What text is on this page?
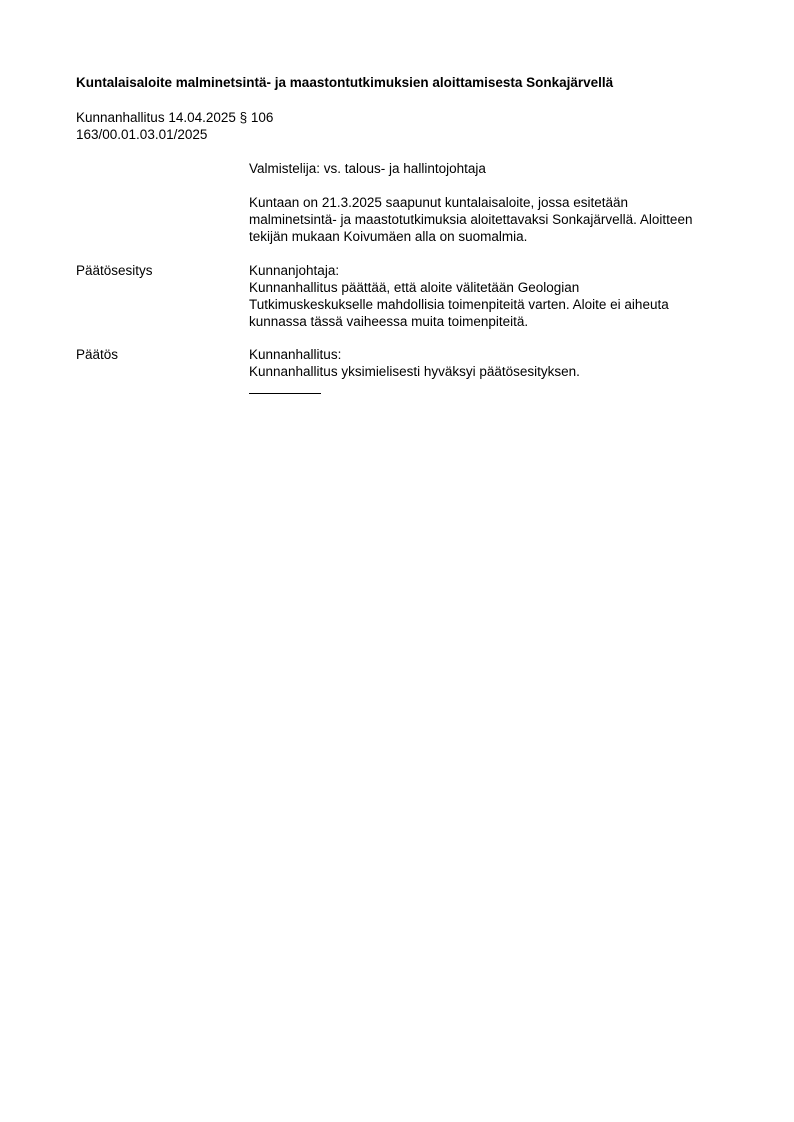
Kuntalaisaloite malminetsintä- ja maastontutkimuksien aloittamisesta Sonkajärvellä
Kunnanhallitus 14.04.2025 § 106
163/00.01.03.01/2025

Valmistelija: vs. talous- ja hallintojohtaja

Kuntaan on 21.3.2025 saapunut kuntalaisaloite, jossa esitetään

malminetsintä- ja maastotutkimuksia aloitettavaksi Sonkajärvellä. Aloitteen

tekijän mukaan Koivumäen alla on suomalmia.

Päätösesitys	Kunnanjohtaja:

Kunnanhallitus päättää, että aloite välitetään Geologian

Tutkimuskeskukselle mahdollisia toimenpiteitä varten. Aloite ei aiheuta

kunnassa tässä vaiheessa muita toimenpiteitä.

Päätös	Kunnanhallitus:

Kunnanhallitus yksimielisesti hyväksyi päätösesityksen.
